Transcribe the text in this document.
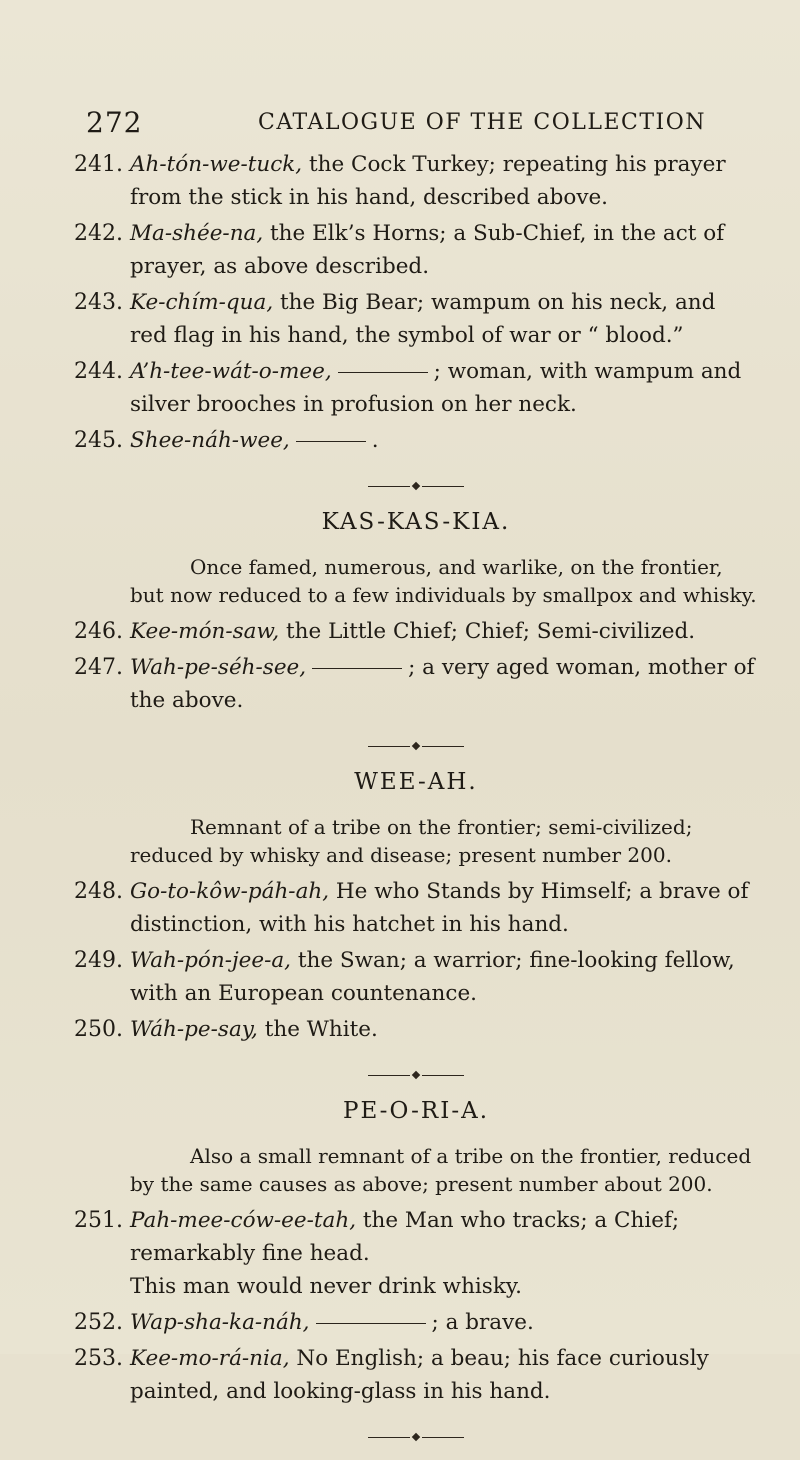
272	CATALOGUE OF THE COLLECTION
241. Ah-tón-we-tuck, the Cock Turkey; repeating his prayer from the stick in his hand, described above.
242. Ma-shée-na, the Elk’s Horns; a Sub-Chief, in the act of prayer, as above described.
243. Ke-chím-qua, the Big Bear; wampum on his neck, and red flag in his hand, the symbol of war or “ blood.”
244. A’h-tee-wát-o-mee,	; woman, with wampum and silver brooches in profusion on her neck.
245. Shee-náh-wee,	.
KAS-KAS-KIA.
Once famed, numerous, and warlike, on the frontier, but now reduced to a few individuals by smallpox and whisky.
246. Kee-món-saw, the Little Chief; Chief; Semi-civilized.
247. Wah-pe-séh-see,	; a very aged woman, mother of the above.
WEE-AH.
Remnant of a tribe on the frontier; semi-civilized; reduced by whisky and disease; present number 200.
248. Go-to-kôw-páh-ah, He who Stands by Himself; a brave of distinction, with his hatchet in his hand.
249. Wah-pón-jee-a, the Swan; a warrior; fine-looking fellow, with an European countenance.
250. Wáh-pe-say, the White.
PE-O-RI-A.
Also a small remnant of a tribe on the frontier, reduced by the same causes as above; present number about 200.
251. Pah-mee-ców-ee-tah, the Man who tracks; a Chief; remarkably fine head.
This man would never drink whisky.
252. Wap-sha-ka-náh,	; a brave.
253. Kee-mo-rá-nia, No English; a beau; his face curiously painted, and looking-glass in his hand.
